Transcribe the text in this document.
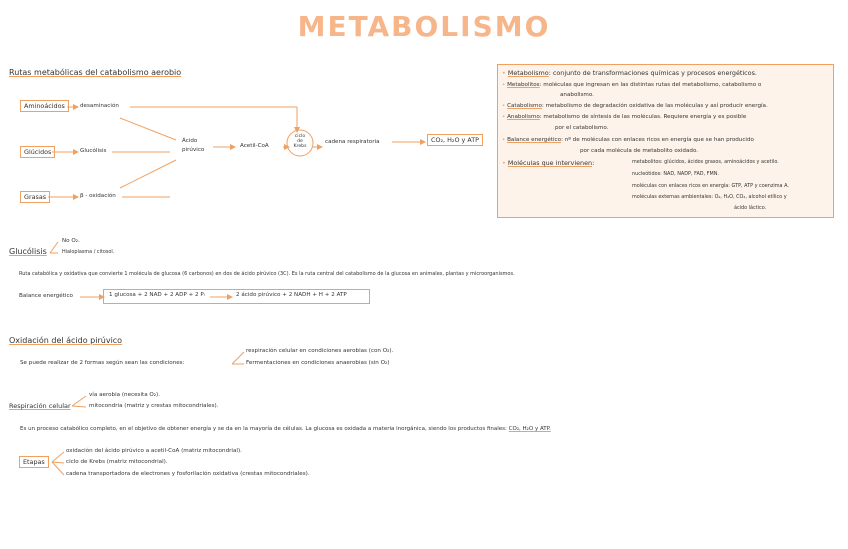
METABOLISMO
Rutas metabólicas del catabolismo aerobio
Aminoácidos
Glúcidos
Grasas
desaminación
Glucólisis
β - oxidación
Ácido
pirúvico
Acetil-CoA
ciclo
de
Krebs
cadena respiratoria	CO₂, H₂O y ATP
• Metabolismo: conjunto de transformaciones químicas y procesos energéticos.
• Metabolitos: moléculas que ingresan en las distintas rutas del metabolismo, catabolismo o
anabolismo.
• Catabolismo: metabolismo de degradación oxidativa de las moléculas y así producir energía.
• Anabolismo: metabolismo de síntesis de las moléculas. Requiere energía y es posible
por el catabolismo.
• Balance energético: nº de moléculas con enlaces ricos en energía que se han producido
por cada molécula de metabolito oxidado.
• Moléculas que intervienen:	metabolitos: glúcidos, ácidos grasos, aminoácidos y acetilo.
nucleótidos: NAD, NADP, FAD, FMN.
moléculas con enlaces ricos en energía: GTP, ATP y coenzima A.
moléculas externas ambientales: O₂, H₂O, CO₂, alcohol etílico y
ácido láctico.
Glucólisis
No O₂.
Hialoplasma / citosol.
Ruta catabólica y oxidativa que convierte 1 molécula de glucosa (6 carbonos) en dos de ácido pirúvico (3C). Es la ruta central del catabolismo de la glucosa en animales, plantas y microorganismos.
Balance energético	1 glucosa + 2 NAD + 2 ADP + 2 Pᵢ	2 ácido pirúvico + 2 NADH + H + 2 ATP
Oxidación del ácido pirúvico
Se puede realizar de 2 formas según sean las condiciones:
respiración celular en condiciones aerobias (con O₂).
Fermentaciones en condiciones anaerobias (sin O₂)
Respiración celular
vía aerobia (necesita O₂).
mitocondria (matriz y crestas mitocondriales).
Es un proceso catabólico completo, en el objetivo de obtener energía y se da en la mayoría de células. La glucosa es oxidada a materia inorgánica, siendo los productos finales: CO₂, H₂O y ATP.
Etapas
oxidación del ácido pirúvico a acetil-CoA (matriz mitocondrial).
ciclo de Krebs (matriz mitocondrial).
cadena transportadora de electrones y fosforilación oxidativa (crestas mitocondriales).
